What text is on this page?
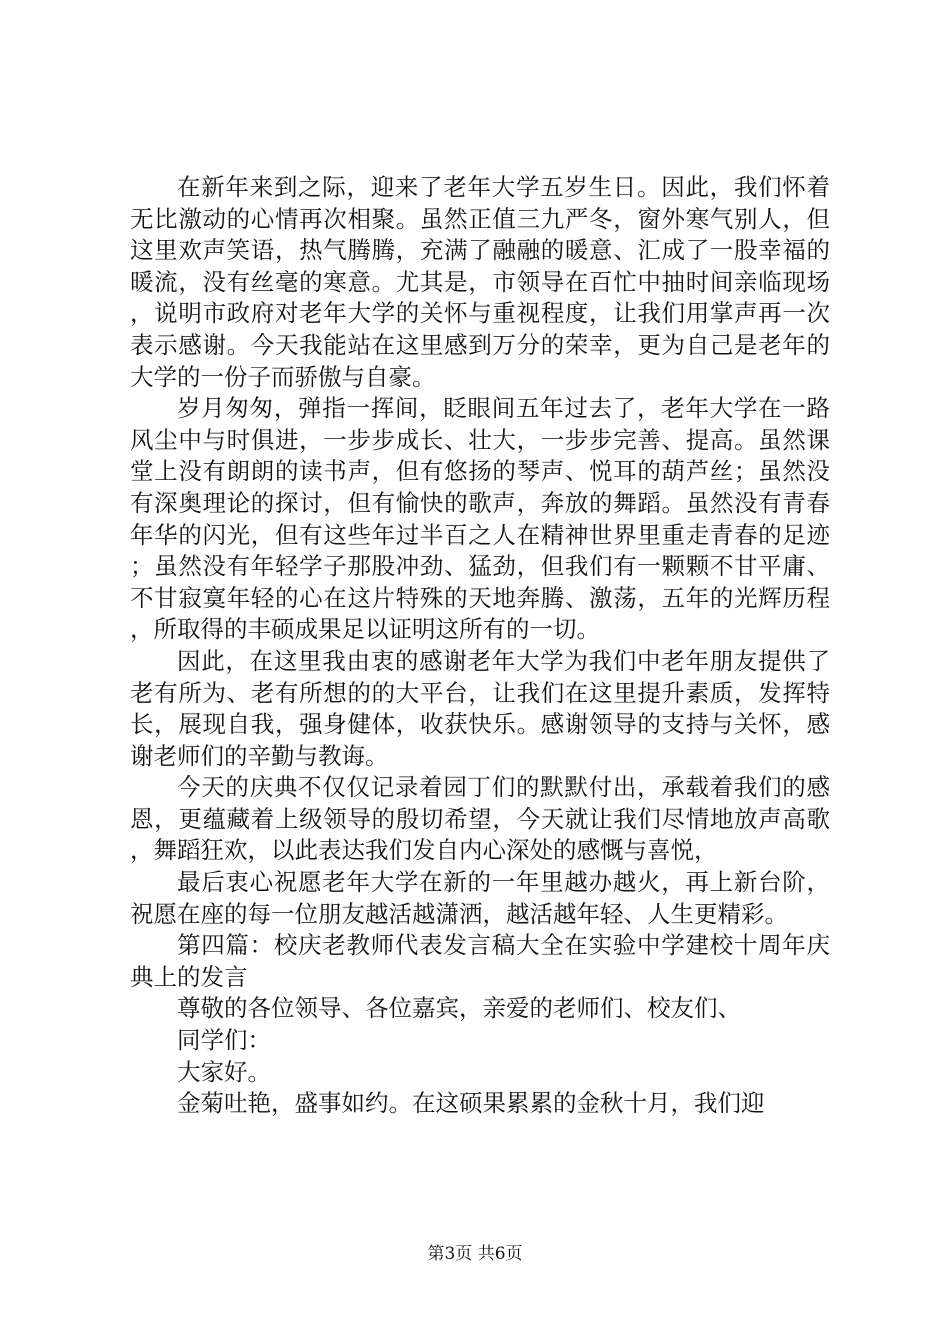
在新年来到之际，迎来了老年大学五岁生日。因此，我们怀着无比激动的心情再次相聚。虽然正值三九严冬，窗外寒气别人，但这里欢声笑语，热气腾腾，充满了融融的暖意、汇成了一股幸福的暖流，没有丝毫的寒意。尤其是，市领导在百忙中抽时间亲临现场，说明市政府对老年大学的关怀与重视程度，让我们用掌声再一次表示感谢。今天我能站在这里感到万分的荣幸，更为自己是老年的大学的一份子而骄傲与自豪。

岁月匆匆，弹指一挥间，眨眼间五年过去了，老年大学在一路风尘中与时俱进，一步步成长、壮大，一步步完善、提高。虽然课堂上没有朗朗的读书声，但有悠扬的琴声、悦耳的葫芦丝；虽然没有深奥理论的探讨，但有愉快的歌声，奔放的舞蹈。虽然没有青春年华的闪光，但有这些年过半百之人在精神世界里重走青春的足迹；虽然没有年轻学子那股冲劲、猛劲，但我们有一颗颗不甘平庸、不甘寂寞年轻的心在这片特殊的天地奔腾、激荡，五年的光辉历程，所取得的丰硕成果足以证明这所有的一切。

因此，在这里我由衷的感谢老年大学为我们中老年朋友提供了老有所为、老有所想的的大平台，让我们在这里提升素质，发挥特长，展现自我，强身健体，收获快乐。感谢领导的支持与关怀，感谢老师们的辛勤与教诲。

今天的庆典不仅仅记录着园丁们的默默付出，承载着我们的感恩，更蕴藏着上级领导的殷切希望，今天就让我们尽情地放声高歌，舞蹈狂欢，以此表达我们发自内心深处的感慨与喜悦，

最后衷心祝愿老年大学在新的一年里越办越火，再上新台阶，祝愿在座的每一位朋友越活越潇洒，越活越年轻、人生更精彩。

第四篇：校庆老教师代表发言稿大全在实验中学建校十周年庆典上的发言

尊敬的各位领导、各位嘉宾，亲爱的老师们、校友们、

同学们：

大家好。

金菊吐艳，盛事如约。在这硕果累累的金秋十月，我们迎

第3页 共6页
